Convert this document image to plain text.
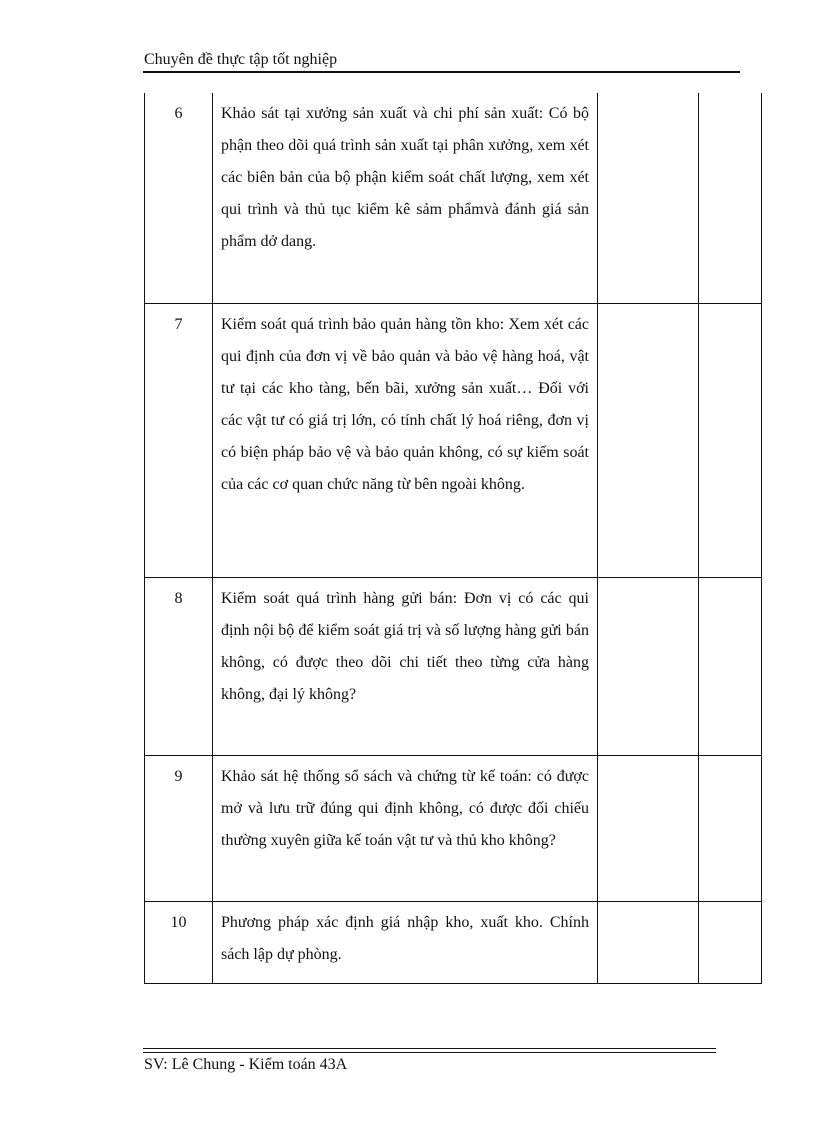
Chuyên đề thực tập tốt nghiệp
6	Khảo sát tại xưởng sản xuất và chi phí sản xuất: Có bộ phận theo dõi quá trình sản xuất tại phân xưởng, xem xét các biên bản của bộ phận kiểm soát chất lượng, xem xét qui trình và thủ tục kiểm kê sảm phẩmvà đánh giá sản phẩm dở dang.		
7	Kiểm soát quá trình bảo quản hàng tồn kho: Xem xét các qui định của đơn vị về bảo quản và bảo vệ hàng hoá, vật tư tại các kho tàng, bến bãi, xưởng sản xuất… Đối với các vật tư có giá trị lớn, có tính chất lý hoá riêng, đơn vị có biện pháp bảo vệ và bảo quản không, có sự kiểm soát của các cơ quan chức năng từ bên ngoài không.		
8	Kiểm soát quá trình hàng gửi bán: Đơn vị có các qui định nội bộ để kiểm soát giá trị và số lượng hàng gửi bán không, có được theo dõi chi tiết theo từng cửa hàng không, đại lý không?		
9	Khảo sát hệ thống sổ sách và chứng từ kế toán: có được mở và lưu trữ đúng qui định không, có được đối chiếu thường xuyên giữa kế toán vật tư và thủ kho không?		
10	Phương pháp xác định giá nhập kho, xuất kho. Chính sách lập dự phòng.		
SV: Lê Chung - Kiểm toán 43A
